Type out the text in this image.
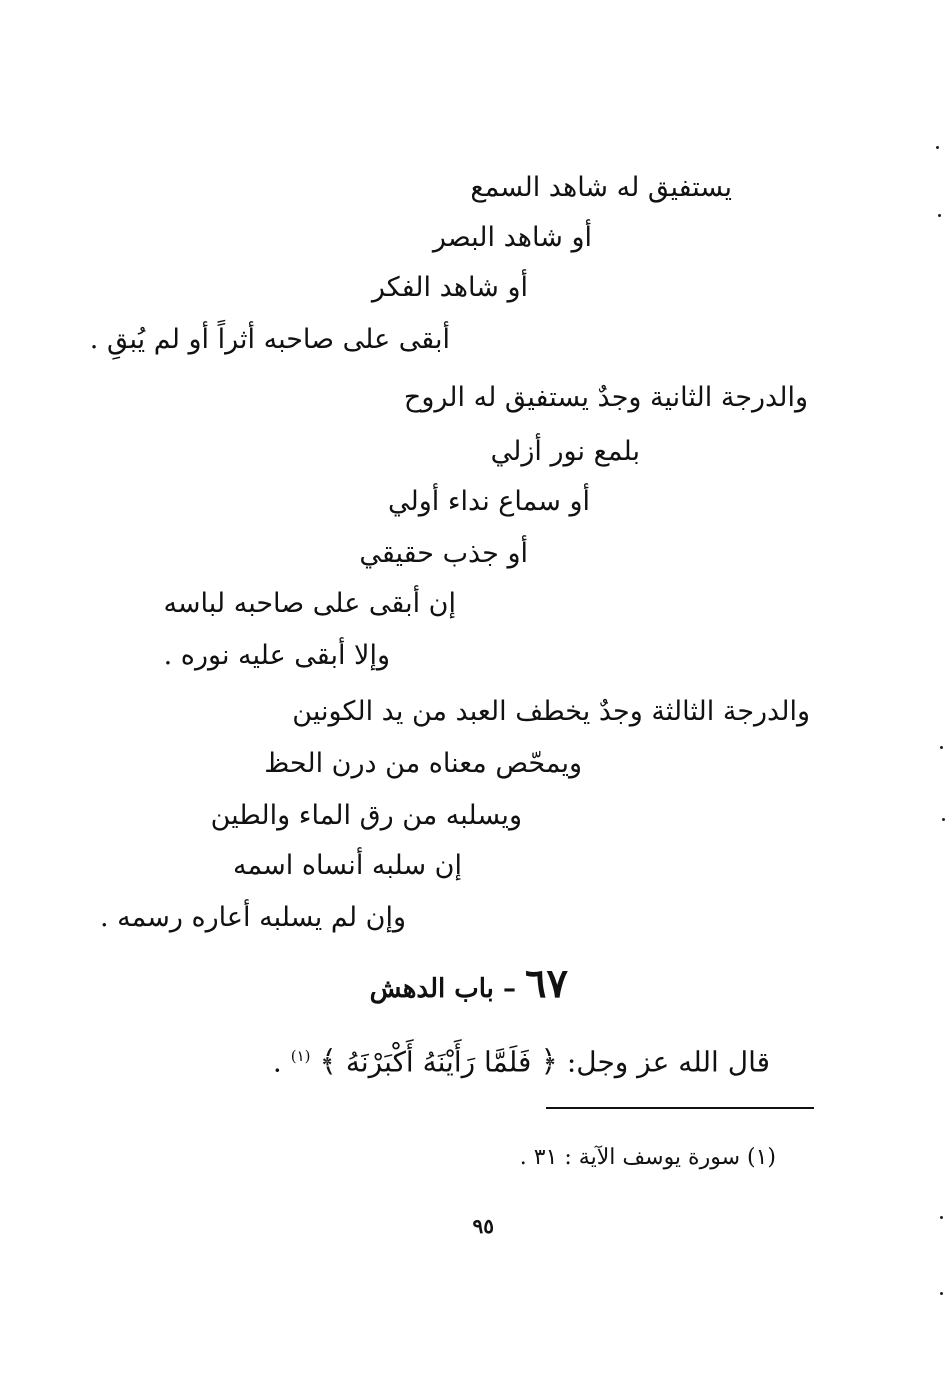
يستفيق له شاهد السمع
أو شاهد البصر
أو شاهد الفكر
أبقى على صاحبه أثراً أو لم يُبقِ .
والدرجة الثانية وجدٌ يستفيق له الروح
بلمع نور أزلي
أو سماع نداء أولي
أو جذب حقيقي
إن أبقى على صاحبه لباسه
وإلا أبقى عليه نوره .
والدرجة الثالثة وجدٌ يخطف العبد من يد الكونين
ويمحّص معناه من درن الحظ
ويسلبه من رق الماء والطين
إن سلبه أنساه اسمه
وإن لم يسلبه أعاره رسمه .
٦٧ – باب الدهش
قال الله عز وجل: ﴿ فَلَمَّا رَأَيْنَهُ أَكْبَرْنَهُ ﴾ $^{(١)}$ .
(١) سورة يوسف الآية : ٣١ .
٩٥
